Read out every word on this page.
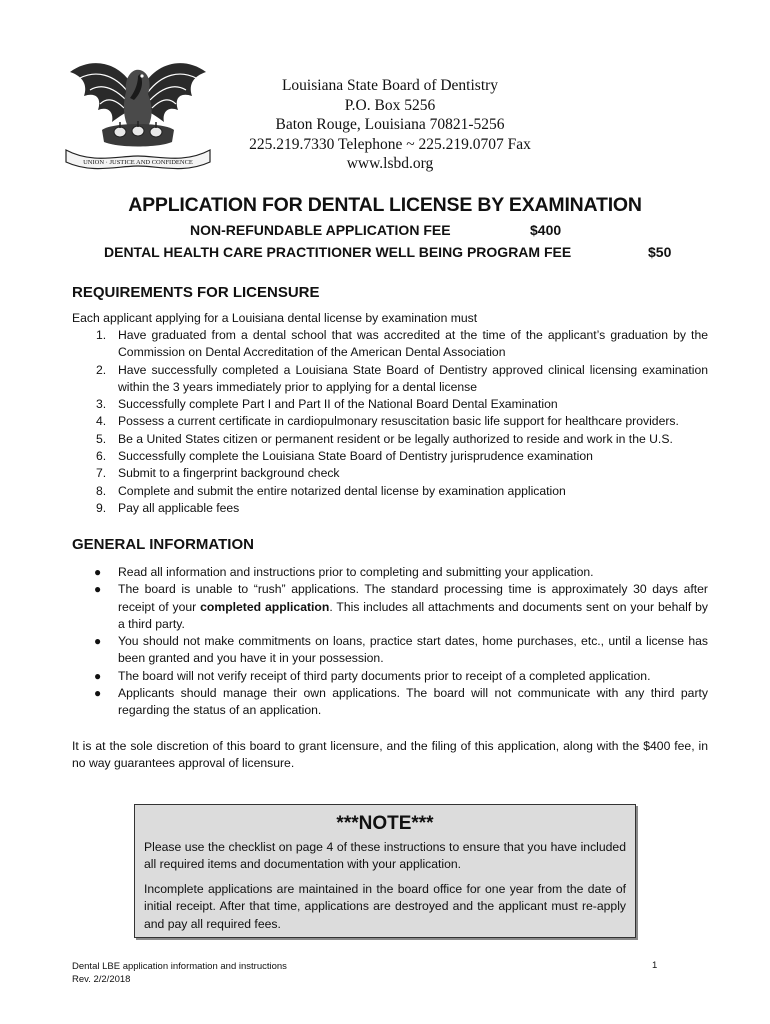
UNION · JUSTICE AND CONFIDENCE
Louisiana State Board of Dentistry
P.O. Box 5256
Baton Rouge, Louisiana 70821-5256
225.219.7330 Telephone ~ 225.219.0707 Fax
www.lsbd.org
APPLICATION FOR DENTAL LICENSE BY EXAMINATION
NON-REFUNDABLE APPLICATION FEE	$400
DENTAL HEALTH CARE PRACTITIONER WELL BEING PROGRAM FEE	$50
REQUIREMENTS FOR LICENSURE
Each applicant applying for a Louisiana dental license by examination must
1. Have graduated from a dental school that was accredited at the time of the applicant’s graduation by the Commission on Dental Accreditation of the American Dental Association
2. Have successfully completed a Louisiana State Board of Dentistry approved clinical licensing examination within the 3 years immediately prior to applying for a dental license
3. Successfully complete Part I and Part II of the National Board Dental Examination
4. Possess a current certificate in cardiopulmonary resuscitation basic life support for healthcare providers.
5. Be a United States citizen or permanent resident or be legally authorized to reside and work in the U.S.
6. Successfully complete the Louisiana State Board of Dentistry jurisprudence examination
7. Submit to a fingerprint background check
8. Complete and submit the entire notarized dental license by examination application
9. Pay all applicable fees
GENERAL INFORMATION
● Read all information and instructions prior to completing and submitting your application.
● The board is unable to “rush” applications. The standard processing time is approximately 30 days after receipt of your completed application. This includes all attachments and documents sent on your behalf by a third party.
● You should not make commitments on loans, practice start dates, home purchases, etc., until a license has been granted and you have it in your possession.
● The board will not verify receipt of third party documents prior to receipt of a completed application.
● Applicants should manage their own applications. The board will not communicate with any third party regarding the status of an application.
It is at the sole discretion of this board to grant licensure, and the filing of this application, along with the $400 fee, in no way guarantees approval of licensure.
***NOTE***
Please use the checklist on page 4 of these instructions to ensure that you have included all required items and documentation with your application.
Incomplete applications are maintained in the board office for one year from the date of initial receipt. After that time, applications are destroyed and the applicant must re-apply and pay all required fees.
Dental LBE application information and instructions
Rev. 2/2/2018
1
